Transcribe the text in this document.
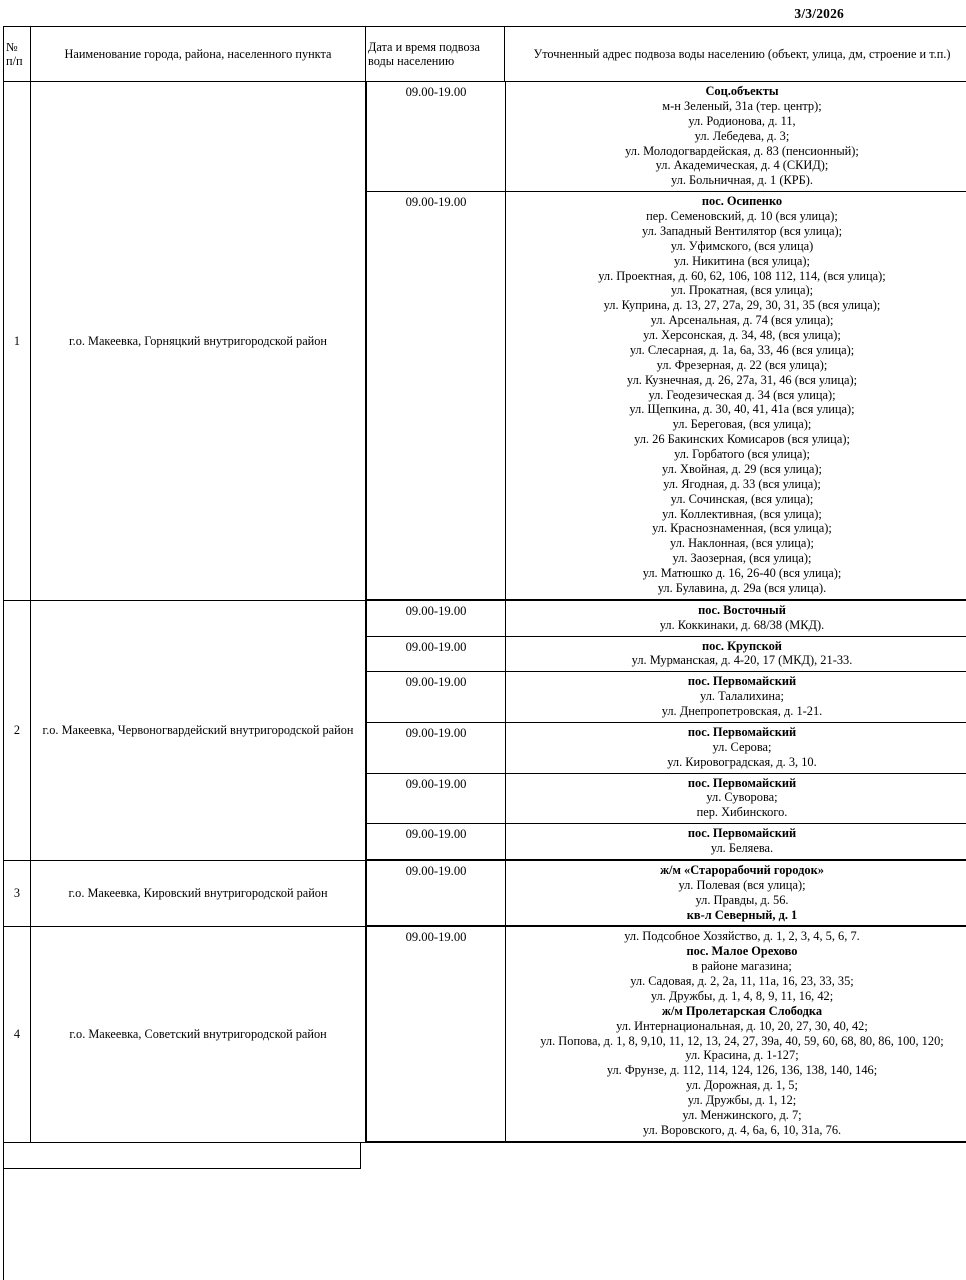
3/3/2026
№ п/п	Наименование города, района, населенного пункта	Дата и время подвоза воды населению	Уточненный адрес подвоза воды населению (объект, улица, дм, строение и т.п.)
1	г.о. Макеевка, Горняцкий внутригородской район	
09.00-19.00	Соц.объекты
м-н Зеленый, 31а (тер. центр);
ул. Родионова, д. 11,
ул. Лебедева, д. 3;
ул. Молодогвардейская, д. 83 (пенсионный);
ул. Академическая, д. 4 (СКИД);
ул. Больничная, д. 1 (КРБ).

09.00-19.00	пос. Осипенко
пер. Семеновский, д. 10 (вся улица);
ул. Западный Вентилятор (вся улица);
ул. Уфимского, (вся улица)
ул. Никитина (вся улица);
ул. Проектная, д. 60, 62, 106, 108 112, 114, (вся улица);
ул. Прокатная, (вся улица);
ул. Куприна, д. 13, 27, 27а, 29, 30, 31, 35 (вся улица);
ул. Арсенальная, д. 74 (вся улица);
ул. Херсонская, д. 34, 48, (вся улица);
ул. Слесарная, д. 1а, 6а, 33, 46 (вся улица);
ул. Фрезерная, д. 22 (вся улица);
ул. Кузнечная, д. 26, 27а, 31, 46 (вся улица);
ул. Геодезическая д. 34 (вся улица);
ул. Щепкина, д. 30, 40, 41, 41а (вся улица);
ул. Береговая, (вся улица);
ул. 26 Бакинских Комисаров (вся улица);
ул. Горбатого (вся улица);
ул. Хвойная, д. 29 (вся улица);
ул. Ягодная, д. 33 (вся улица);
ул. Сочинская, (вся улица);
ул. Коллективная, (вся улица);
ул. Краснознаменная, (вся улица);
ул. Наклонная, (вся улица);
ул. Заозерная, (вся улица);
ул. Матюшко д. 16, 26-40 (вся улица);
ул. Булавина, д. 29а (вся улица).

2	г.о. Макеевка, Червоногвардейский внутригородской район	
09.00-19.00	пос. Восточный
ул. Коккинаки, д. 68/38 (МКД).

09.00-19.00	пос. Крупской
ул. Мурманская, д. 4-20, 17 (МКД), 21-33.

09.00-19.00	пос. Первомайский
ул. Талалихина;
ул. Днепропетровская, д. 1-21.

09.00-19.00	пос. Первомайский
ул. Серова;
ул. Кировоградская, д. 3, 10.

09.00-19.00	пос. Первомайский
ул. Суворова;
пер. Хибинского.

09.00-19.00	пос. Первомайский
ул. Беляева.

3	г.о. Макеевка, Кировский внутригородской район	
09.00-19.00	ж/м «Старорабочий городок»
ул. Полевая (вся улица);
ул. Правды, д. 56.
кв-л Северный, д. 1

4	г.о. Макеевка, Советский внутригородской район	
09.00-19.00	ул. Подсобное Хозяйство, д. 1, 2, 3, 4, 5, 6, 7.
пос. Малое Орехово
в районе магазина;
ул. Садовая, д. 2, 2а, 11, 11а, 16, 23, 33, 35;
ул. Дружбы, д. 1, 4, 8, 9, 11, 16, 42;
ж/м Пролетарская Слободка
ул. Интернациональная, д. 10, 20, 27, 30, 40, 42;
ул. Попова, д. 1, 8, 9,10, 11, 12, 13, 24, 27, 39а, 40, 59, 60, 68, 80, 86, 100, 120;
ул. Красина, д. 1-127;
ул. Фрунзе, д. 112, 114, 124, 126, 136, 138, 140, 146;
ул. Дорожная, д. 1, 5;
ул. Дружбы, д. 1, 12;
ул. Менжинского, д. 7;
ул. Воровского, д. 4, 6а, 6, 10, 31а, 76.
